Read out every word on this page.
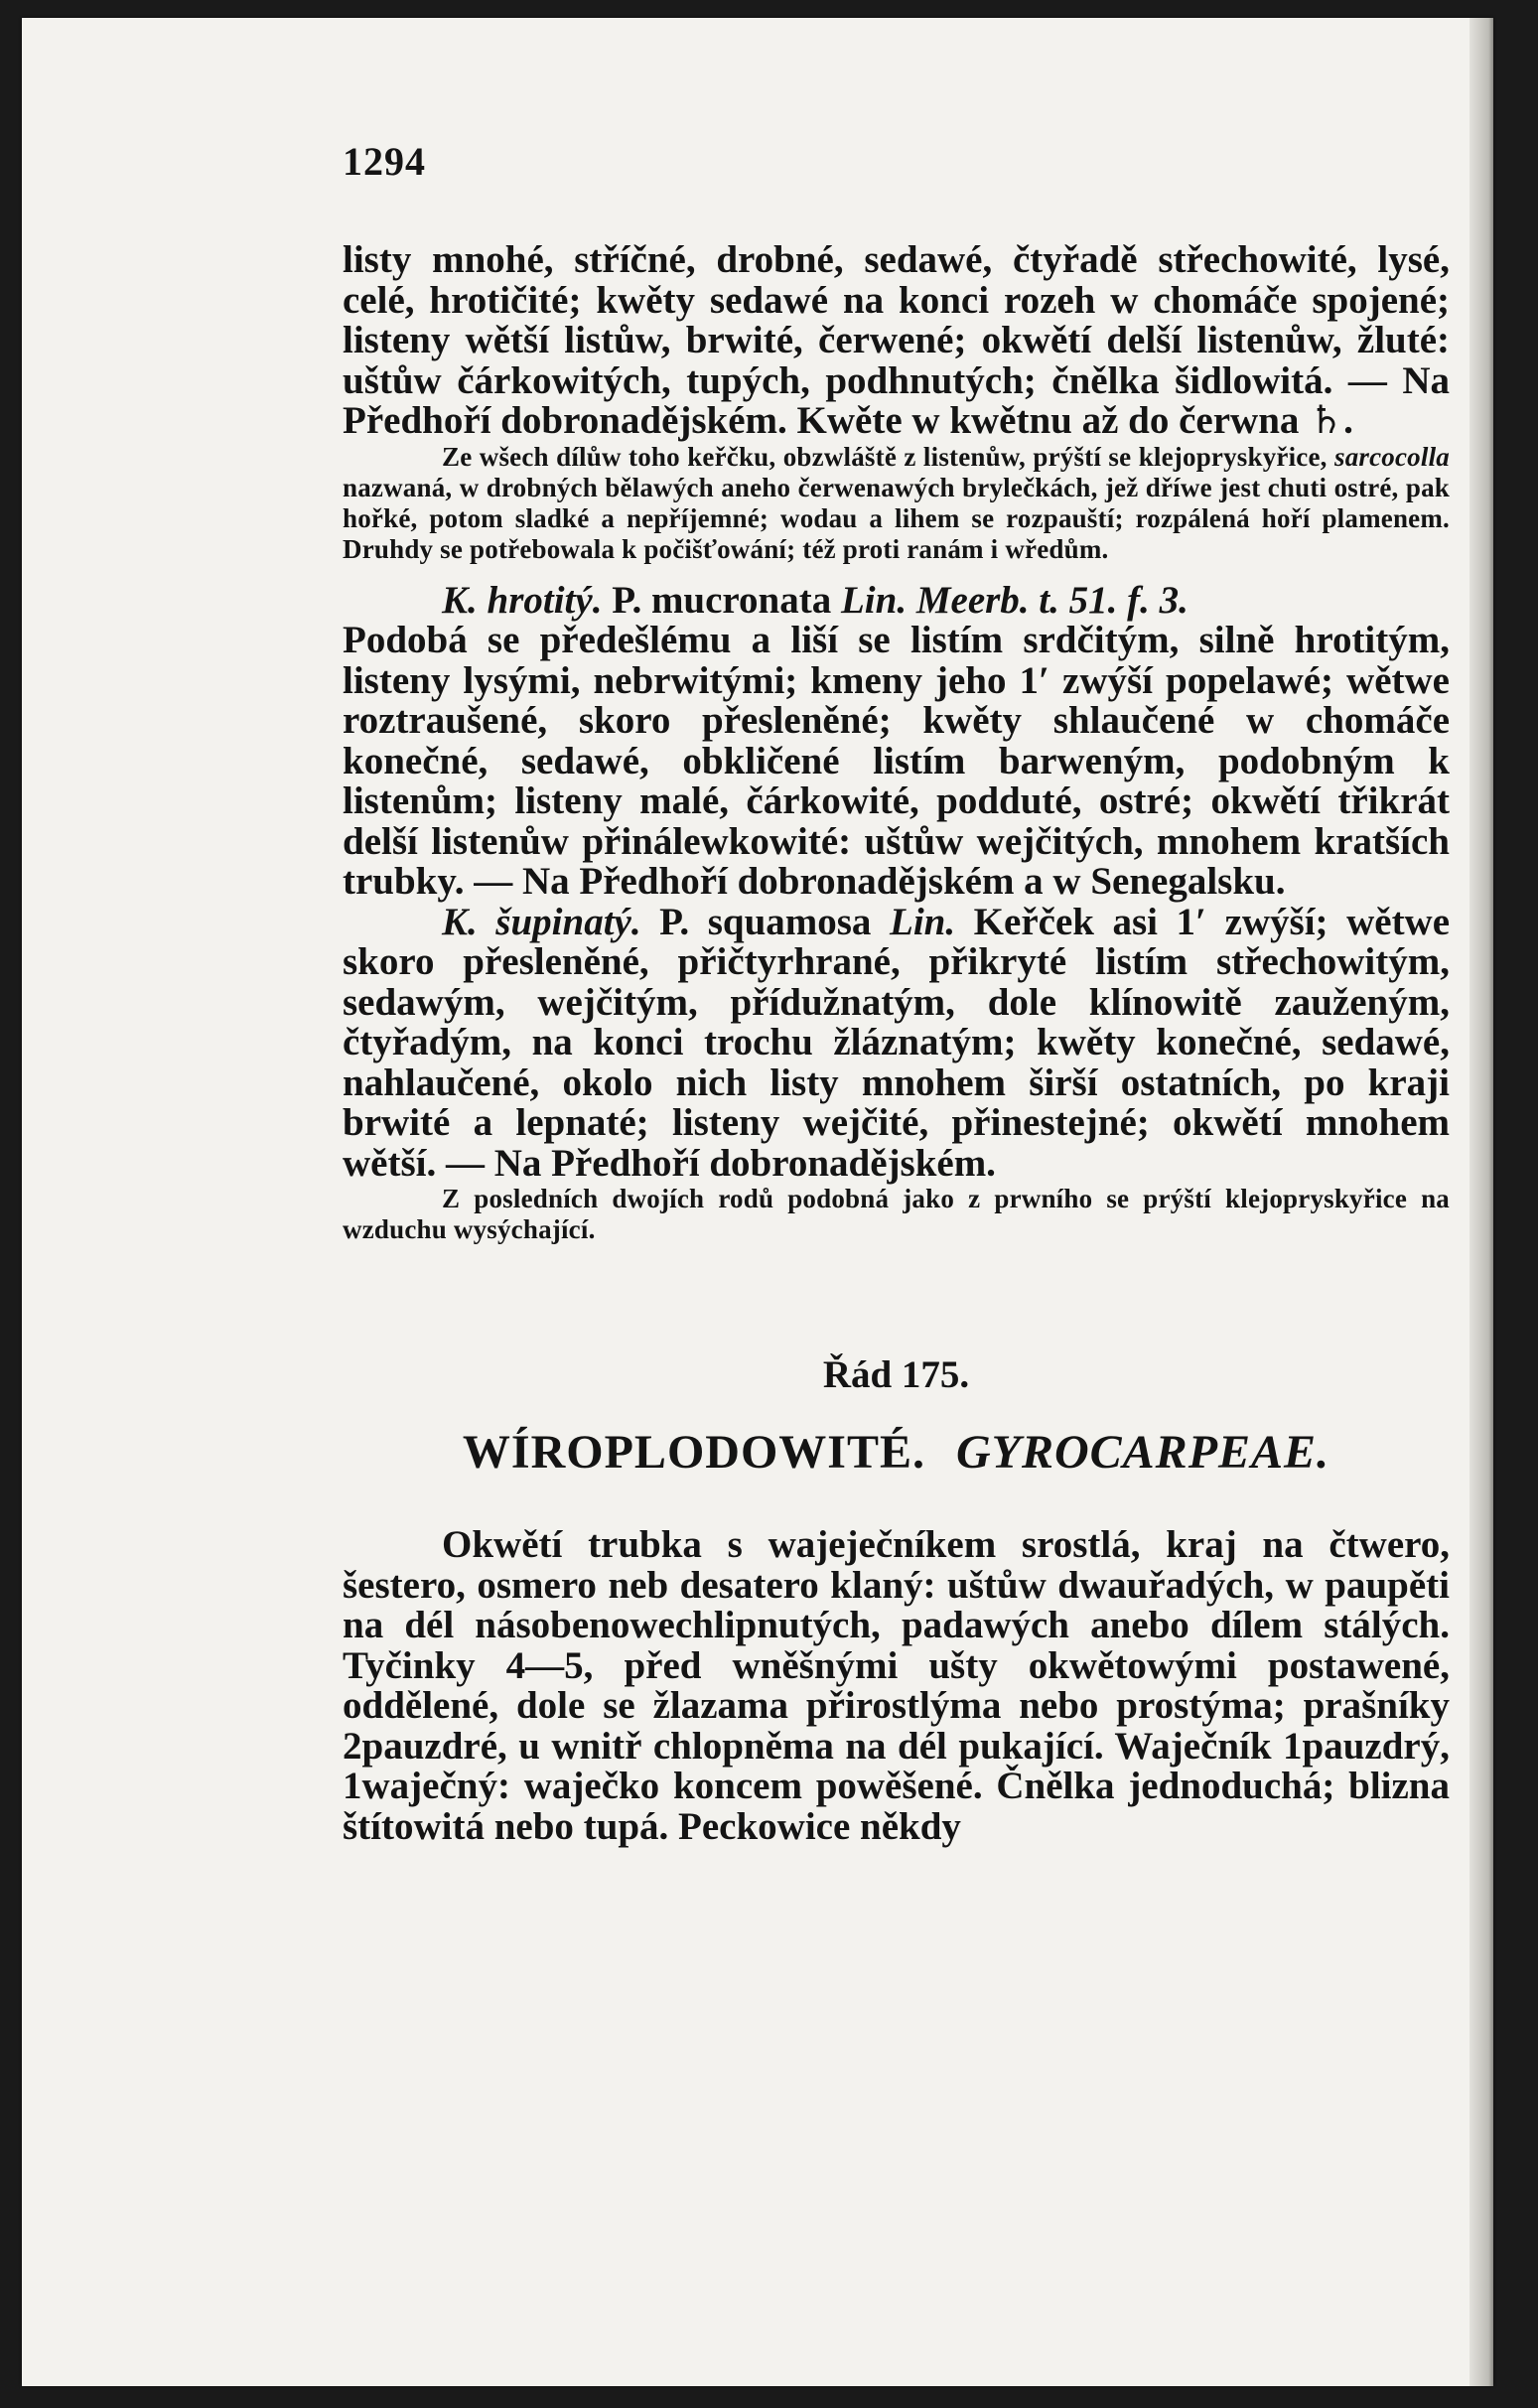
1294

listy mnohé, stříčné, drobné, sedawé, čtyřadě střechowité, lysé, celé, hrotičité; kwěty sedawé na konci rozeh w chomáče spojené; listeny wětší listůw, brwité, čerwené; okwětí delší listenůw, žluté: uštůw čárkowitých, tupých, podhnutých; čnělka šidlowitá. — Na Předhoří dobronadějském. Kwěte w kwětnu až do čerwna ♄.

Ze wšech dílůw toho keřčku, obzwláště z listenůw, prýští se klejopryskyřice, sarcocolla nazwaná, w drobných bělawých aneho čerwenawých brylečkách, jež dříwe jest chuti ostré, pak hořké, potom sladké a nepříjemné; wodau a lihem se rozpauští; rozpálená hoří plamenem. Druhdy se potřebowala k počišťowání; též proti ranám i wředům.

K. hrotitý. P. mucronata Lin. Meerb. t. 51. f. 3.

Podobá se předešlému a liší se listím srdčitým, silně hrotitým, listeny lysými, nebrwitými; kmeny jeho 1′ zwýší popelawé; wětwe roztraušené, skoro přesleněné; kwěty shlaučené w chomáče konečné, sedawé, obkličené listím barweným, podobným k listenům; listeny malé, čárkowité, podduté, ostré; okwětí třikrát delší listenůw přinálewkowité: uštůw wejčitých, mnohem kratších trubky. — Na Předhoří dobronadějském a w Senegalsku.

K. šupinatý. P. squamosa Lin. Keřček asi 1′ zwýší; wětwe skoro přesleněné, přičtyrhrané, přikryté listím střechowitým, sedawým, wejčitým, přídužnatým, dole klínowitě zauženým, čtyřadým, na konci trochu žláznatým; kwěty konečné, sedawé, nahlaučené, okolo nich listy mnohem širší ostatních, po kraji brwité a lepnaté; listeny wejčité, přinestejné; okwětí mnohem wětší. — Na Předhoří dobronadějském.

Z posledních dwojích rodů podobná jako z prwního se prýští klejopryskyřice na wzduchu wysýchající.

Řád 175.
WÍROPLODOWITÉ. GYROCARPEAE.

Okwětí trubka s wajeječníkem srostlá, kraj na čtwero, šestero, osmero neb desatero klaný: uštůw dwauřadých, w paupěti na dél násobenowechlipnutých, padawých anebo dílem stálých. Tyčinky 4—5, před wněšnými ušty okwětowými postawené, oddělené, dole se žlazama přirostlýma nebo prostýma; prašníky 2pauzdré, u wnitř chlopněma na dél pukající. Waječník 1pauzdrý, 1waječný: waječko koncem powěšené. Čnělka jednoduchá; blizna štítowitá nebo tupá. Peckowice někdy
